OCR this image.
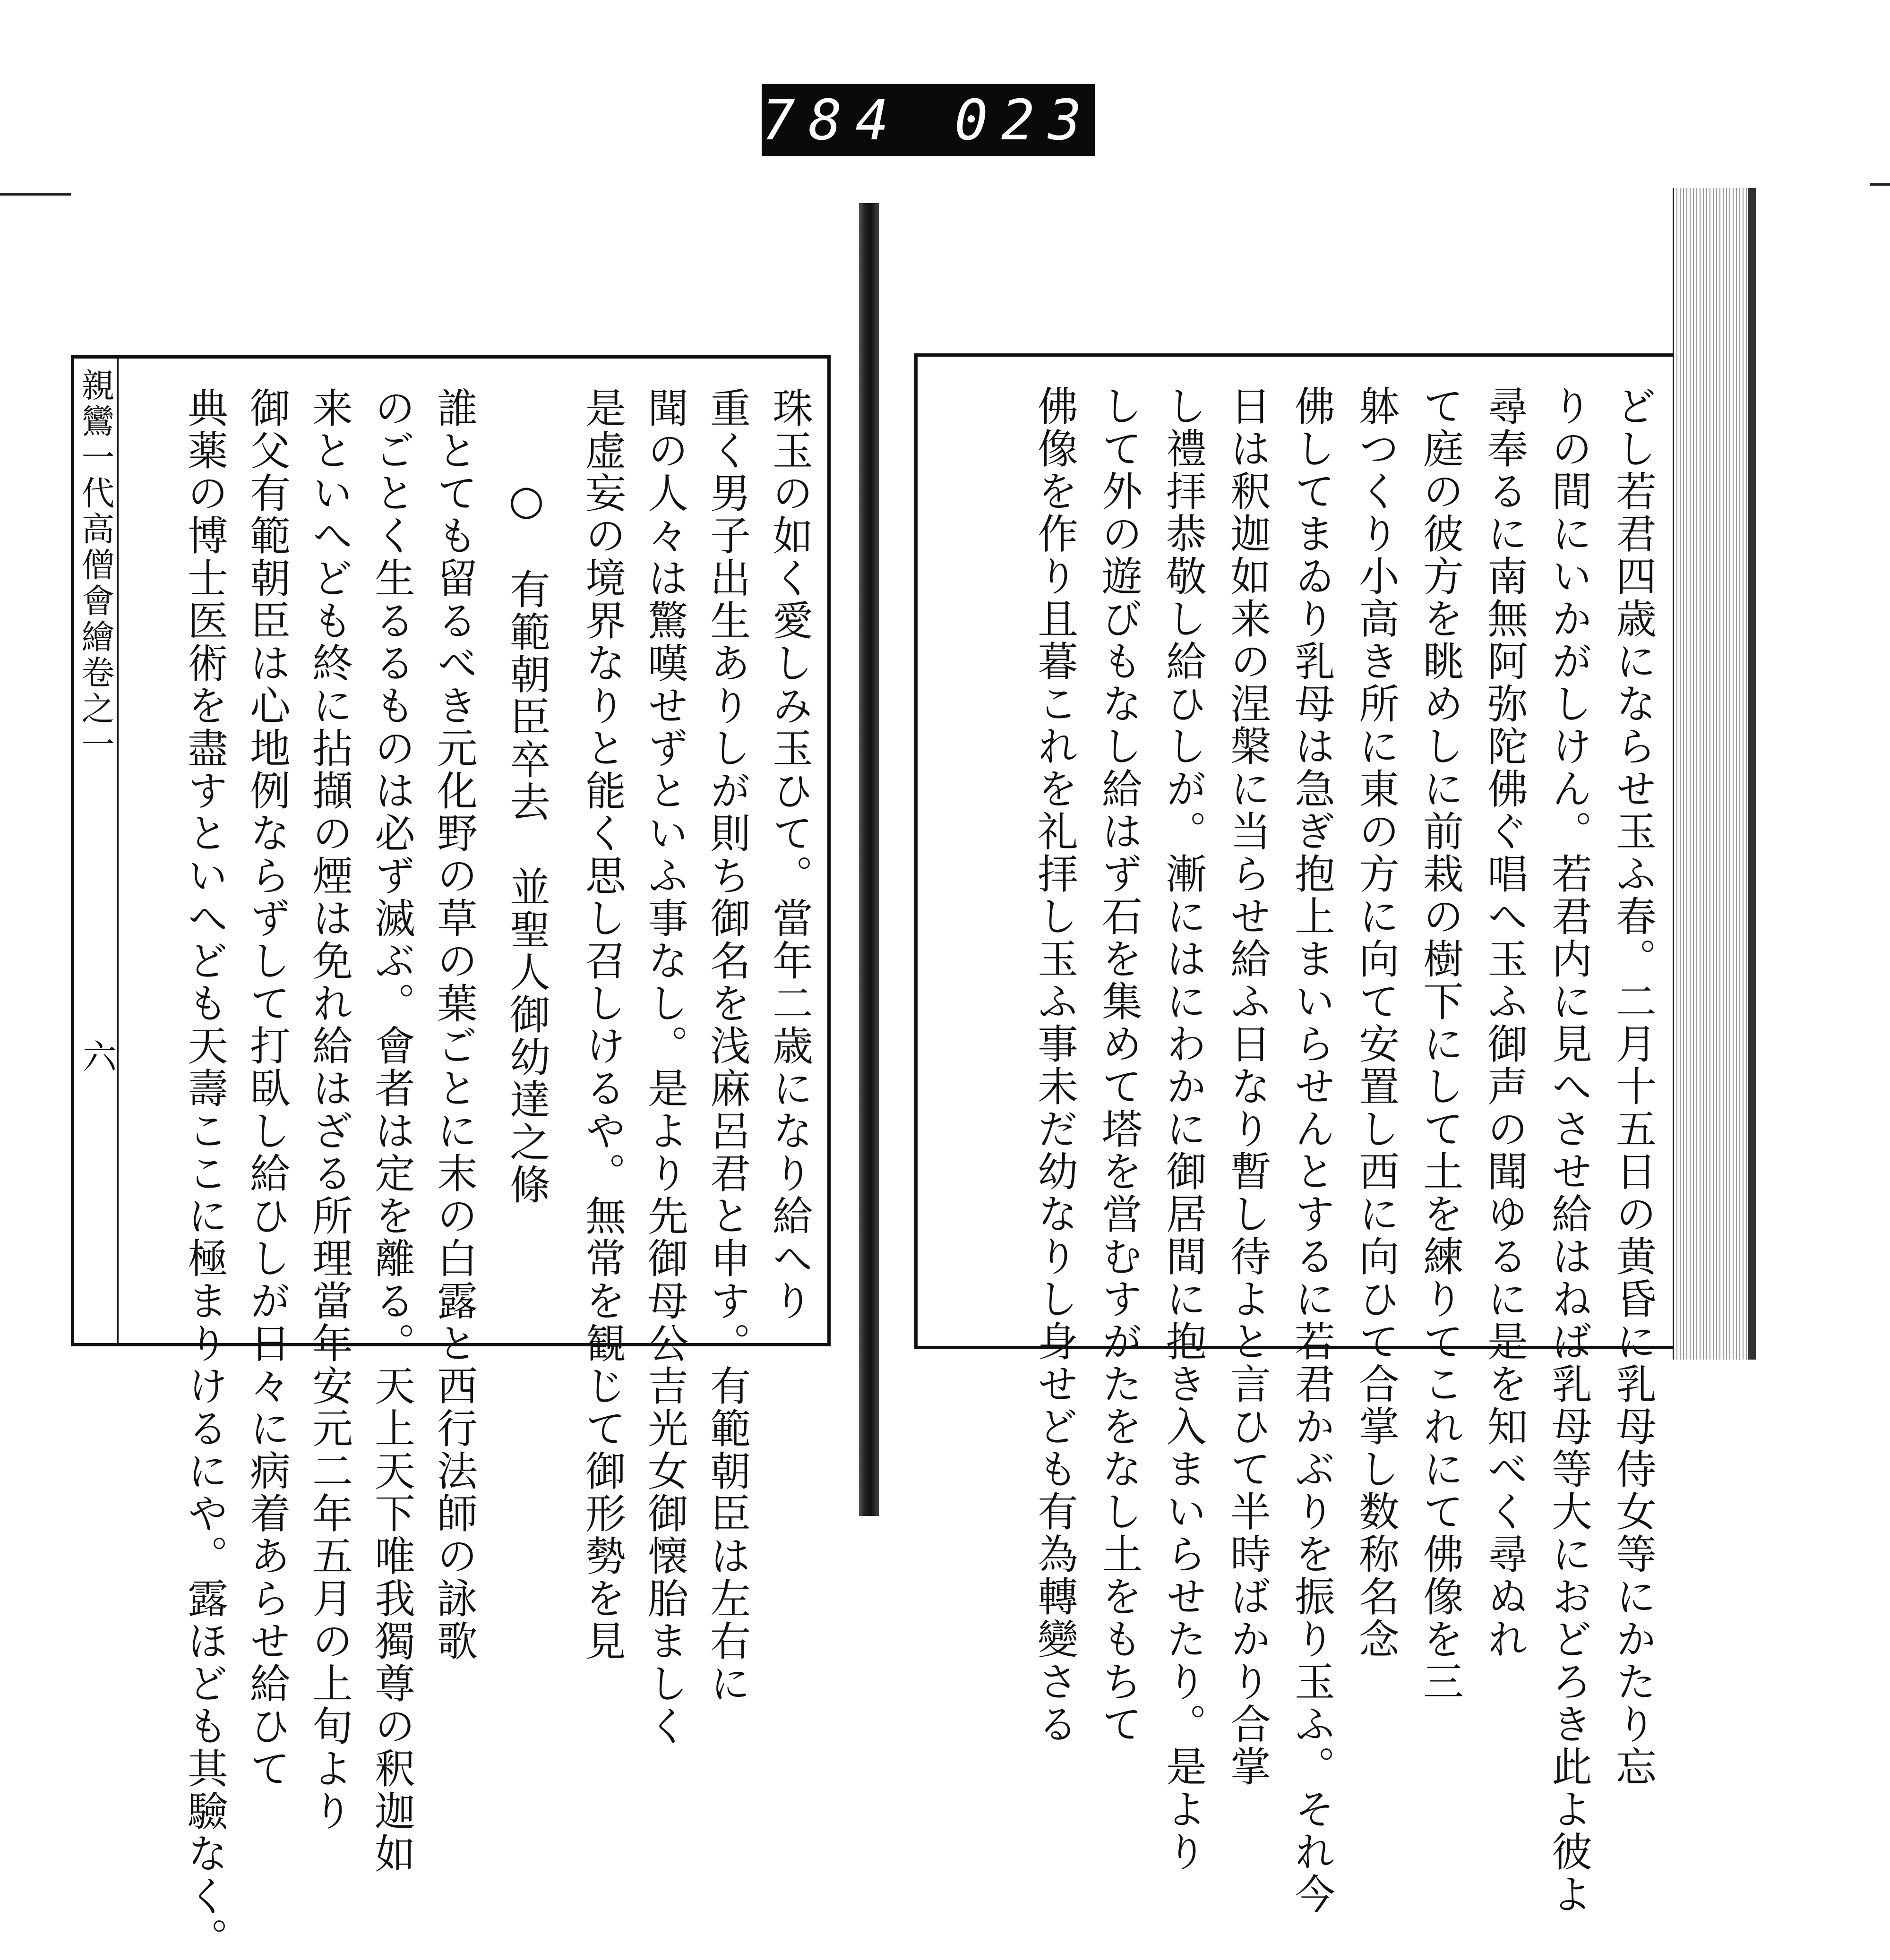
784 023
親鸞一代高僧會繪卷之一
六	珠玉の如く愛しみ玉ひて。當年二歳になり給へり
重く男子出生ありしが則ち御名を浅麻呂君と申す。有範朝臣は左右に
聞の人々は驚嘆せずといふ事なし。是より先御母公吉光女御懐胎ましく
是虚妄の境界なりと能く思し召しけるや。無常を観じて御形勢を見
○　有範朝臣卒去　並聖人御幼達之條
誰とても留るべき元化野の草の葉ごとに末の白露と西行法師の詠歌
のごとく生るるものは必ず滅ぶ。會者は定を離る。天上天下唯我獨尊の釈迦如
来といへども終に拈擷の煙は免れ給はざる所理當年安元二年五月の上旬より
御父有範朝臣は心地例ならずして打臥し給ひしが日々に病着あらせ給ひて
典薬の博士医術を盡すといへども天壽ここに極まりけるにや。露ほども其驗なく。	どし若君四歳にならせ玉ふ春。二月十五日の黄昏に乳母侍女等にかたり忘
りの間にいかがしけん。若君内に見へさせ給はねば乳母等大におどろき此よ彼よ
尋奉るに南無阿弥陀佛ぐ唱へ玉ふ御声の聞ゆるに是を知べく尋ぬれ
て庭の彼方を眺めしに前栽の樹下にして土を練りてこれにて佛像を三
躰つくり小高き所に東の方に向て安置し西に向ひて合掌し数称名念
佛してまゐり乳母は急ぎ抱上まいらせんとするに若君かぶりを振り玉ふ。それ今
日は釈迦如来の涅槃に当らせ給ふ日なり暫し待よと言ひて半時ばかり合掌
し禮拝恭敬し給ひしが。漸にはにわかに御居間に抱き入まいらせたり。是より
して外の遊びもなし給はず石を集めて塔を営むすがたをなし土をもちて
佛像を作り且暮これを礼拝し玉ふ事未だ幼なりし身せども有為轉變さる
